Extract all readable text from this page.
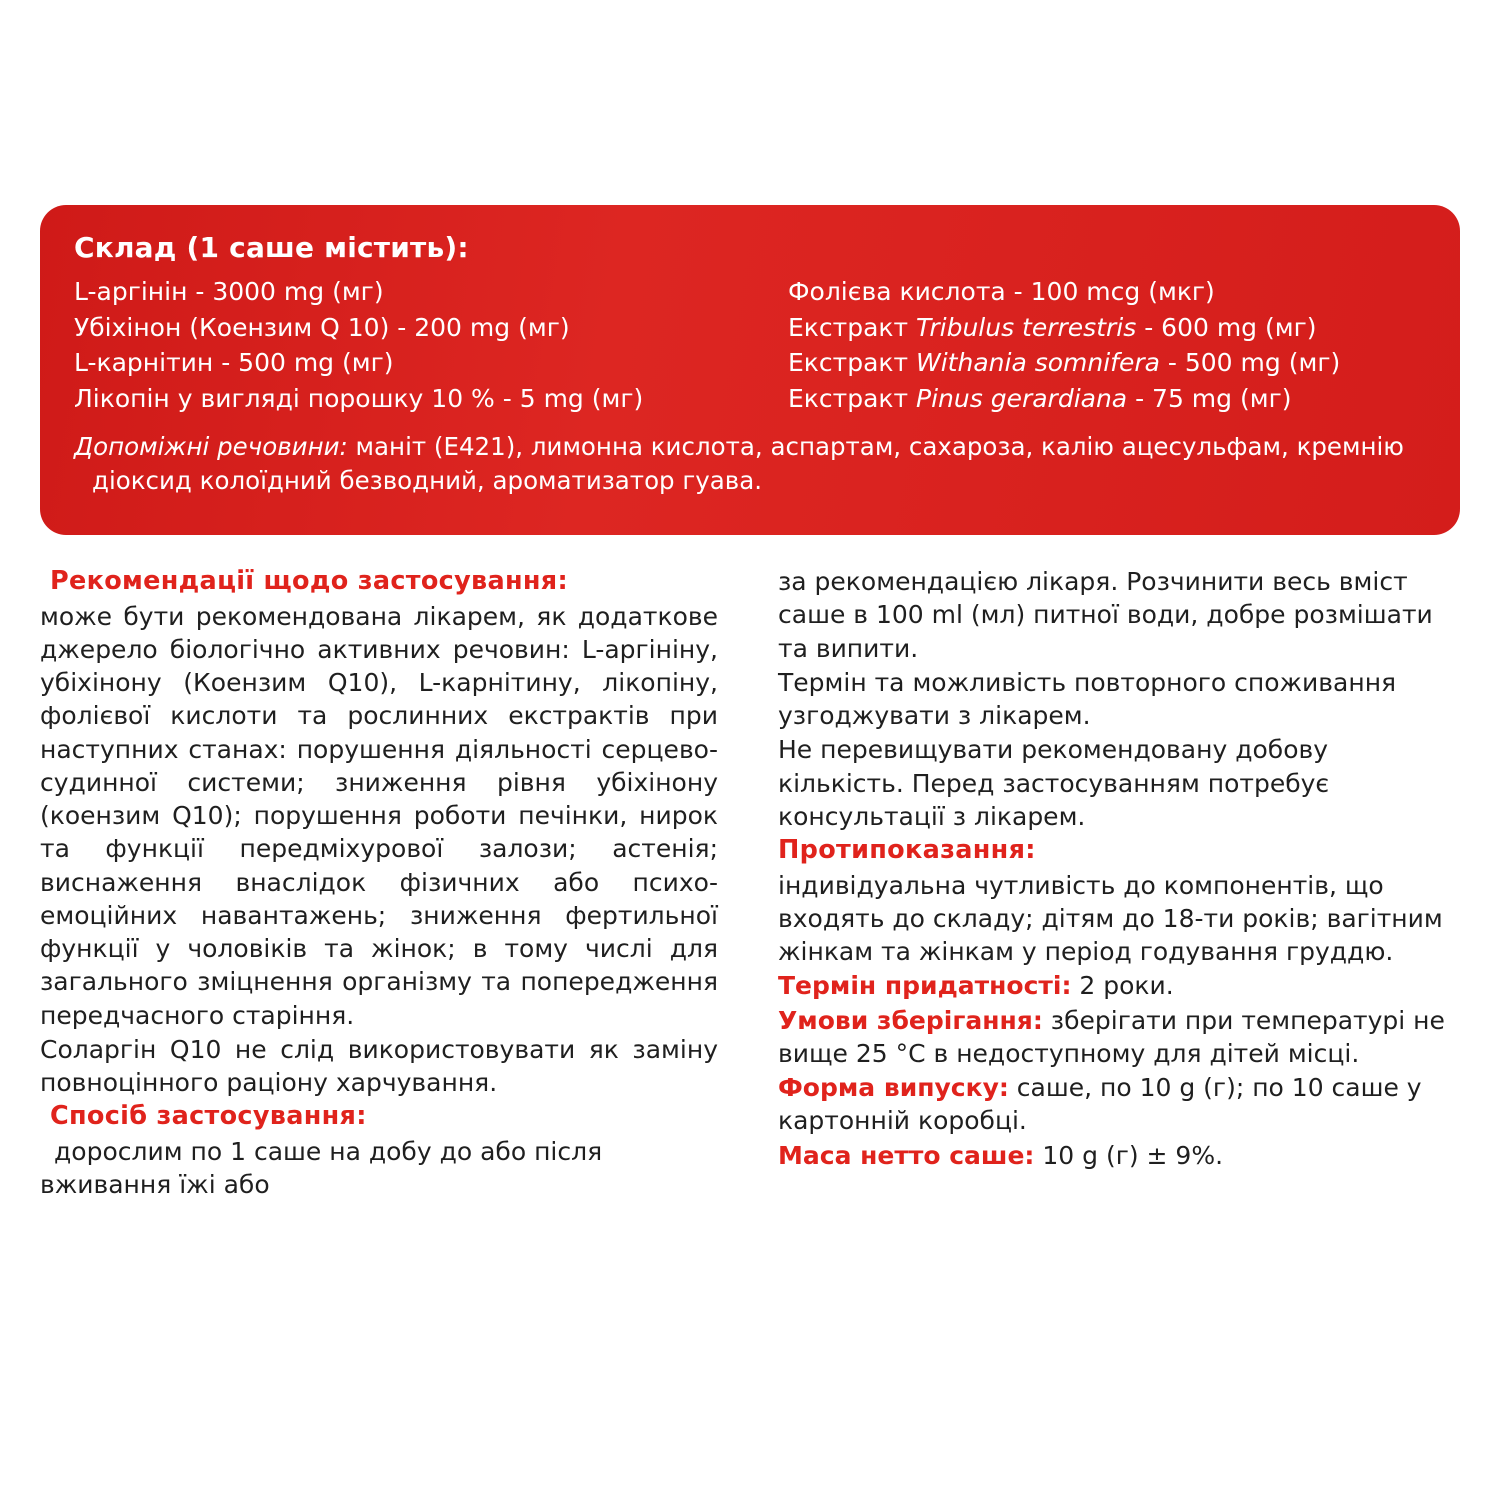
Склад (1 саше містить):
L-аргінін - 3000 mg (мг)
Убіхінон (Коензим Q 10) - 200 mg (мг)
L-карнітин - 500 mg (мг)
Лікопін у вигляді порошку 10 % - 5 mg (мг)
Фолієва кислота - 100 mcg (мкг)
Екстракт Tribulus terrestris - 600 mg (мг)
Екстракт Withania somnifera - 500 mg (мг)
Екстракт Pinus gerardiana - 75 mg (мг)
Допоміжні речовини: маніт (Е421), лимонна кислота, аспартам, сахароза, калію ацесульфам, кремнію
діоксид колоїдний безводний, ароматизатор гуава.

Рекомендації щодо застосування:

може бути рекомендована лікарем, як додаткове джерело біологічно активних речовин: L-аргініну, убіхінону (Коензим Q10), L-карнітину, лікопіну, фолієвої кислоти та рослинних екстрактів при наступних станах: порушення діяльності серцево-судинної системи; зниження рівня убіхінону (коензим Q10); порушення роботи печінки, нирок та функції передміхурової залози; астенія; виснаження внаслідок фізичних або психо-емоційних навантажень; зниження фертильної функції у чоловіків та жінок; в тому числі для загального зміцнення організму та попередження передчасного старіння.

Соларгін Q10 не слід використовувати як заміну повноцінного раціону харчування.

Спосіб застосування:

дорослим по 1 саше на добу до або після вживання їжі або

за рекомендацією лікаря. Розчинити весь вміст саше в 100 ml (мл) питної води, добре розмішати та випити.

Термін та можливість повторного споживання узгоджувати з лікарем.

Не перевищувати рекомендовану добову кількість. Перед застосуванням потребує консультації з лікарем.

Протипоказання:

індивідуальна чутливість до компонентів, що входять до складу; дітям до 18-ти років; вагітним жінкам та жінкам у період годування груддю.

Термін придатності: 2 роки.

Умови зберігання: зберігати при температурі не вище 25 °C в недоступному для дітей місці.

Форма випуску: саше, по 10 g (г); по 10 саше у картонній коробці.

Маса нетто саше: 10 g (г) ± 9%.
